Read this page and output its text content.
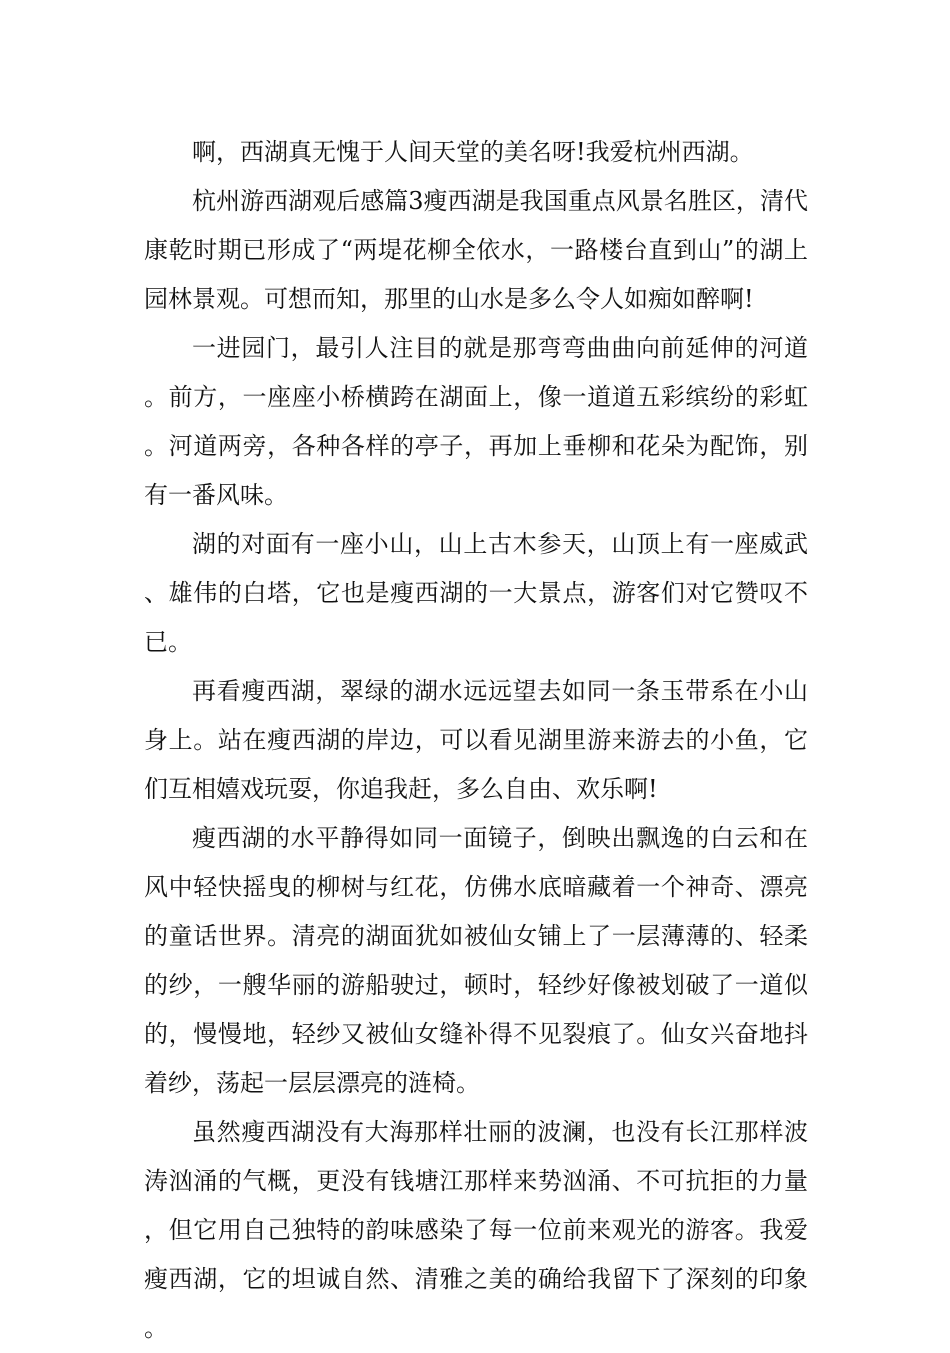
啊，西湖真无愧于人间天堂的美名呀!我爱杭州西湖。

杭州游西湖观后感篇3瘦西湖是我国重点风景名胜区，清代康乾时期已形成了“两堤花柳全依水，一路楼台直到山”的湖上园林景观。可想而知，那里的山水是多么令人如痴如醉啊!

一进园门，最引人注目的就是那弯弯曲曲向前延伸的河道。前方，一座座小桥横跨在湖面上，像一道道五彩缤纷的彩虹。河道两旁，各种各样的亭子，再加上垂柳和花朵为配饰，别有一番风味。

湖的对面有一座小山，山上古木参天，山顶上有一座威武、雄伟的白塔，它也是瘦西湖的一大景点，游客们对它赞叹不已。

再看瘦西湖，翠绿的湖水远远望去如同一条玉带系在小山身上。站在瘦西湖的岸边，可以看见湖里游来游去的小鱼，它们互相嬉戏玩耍，你追我赶，多么自由、欢乐啊!

瘦西湖的水平静得如同一面镜子，倒映出飘逸的白云和在风中轻快摇曳的柳树与红花，仿佛水底暗藏着一个神奇、漂亮的童话世界。清亮的湖面犹如被仙女铺上了一层薄薄的、轻柔的纱，一艘华丽的游船驶过，顿时，轻纱好像被划破了一道似的，慢慢地，轻纱又被仙女缝补得不见裂痕了。仙女兴奋地抖着纱，荡起一层层漂亮的涟椅。

虽然瘦西湖没有大海那样壮丽的波澜，也没有长江那样波涛汹涌的气概，更没有钱塘江那样来势汹涌、不可抗拒的力量，但它用自己独特的韵味感染了每一位前来观光的游客。我爱瘦西湖，它的坦诚自然、清雅之美的确给我留下了深刻的印象。
